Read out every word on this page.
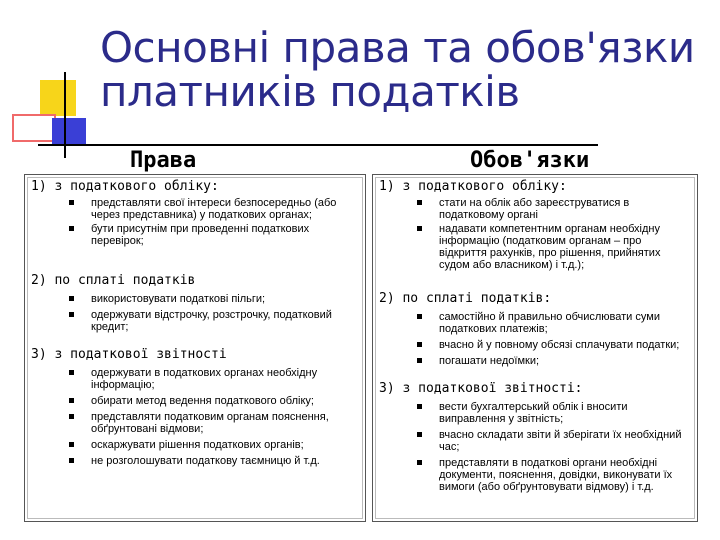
Основні права та обов'язки
платників податків
Права	Обов'язки
1) з податкового обліку:
представляти свої інтереси безпосередньо (або через представника) у податкових органах;
бути присутнім при проведенні податкових перевірок;
2) по сплаті податків
використовувати податкові пільги;
одержувати відстрочку, розстрочку, податковий кредит;
3) з податкової звітності
одержувати в податкових органах необхідну інформацію;
обирати метод ведення податкового обліку;
представляти податковим органам пояснення, обґрунтовані відмови;
оскаржувати рішення податкових органів;
не розголошувати податкову таємницю й т.д.
1) з податкового обліку:
стати на облік або зареєструватися в податковому органі
надавати компетентним органам необхідну інформацію (податковим органам – про відкриття рахунків, про рішення, прийнятих судом або власником) і т.д.);
2) по сплаті податків:
самостійно й правильно обчислювати суми податкових платежів;
вчасно й у повному обсязі сплачувати податки;
погашати недоїмки;
3) з податкової звітності:
вести бухгалтерський облік і вносити виправлення у звітність;
вчасно складати звіти й зберігати їх необхідний час;
представляти в податкові органи необхідні документи, пояснення, довідки, виконувати їх вимоги (або обґрунтовувати відмову) і т.д.
